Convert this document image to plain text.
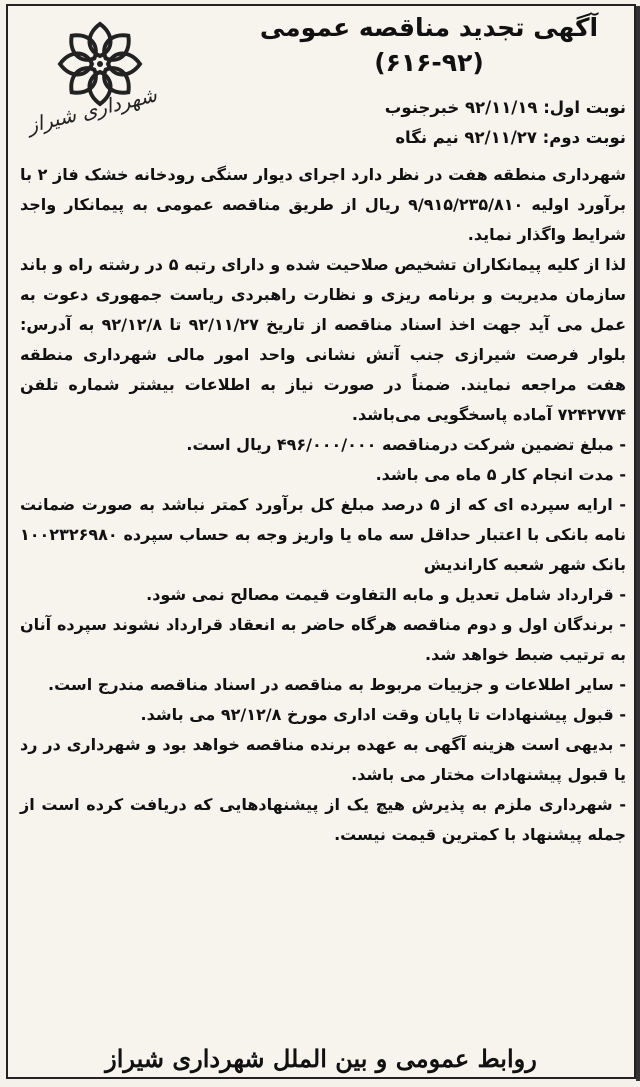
شهرداری شیراز
آگهی تجدید مناقصه عمومی
(۶۱۶-۹۲)
نوبت اول: ۹۲/۱۱/۱۹ خبرجنوب
نوبت دوم: ۹۲/۱۱/۲۷ نیم نگاه

شهرداری منطقه هفت در نظر دارد اجرای دیوار سنگی رودخانه خشک فاز ۲ با برآورد اولیه ۹/۹۱۵/۲۳۵/۸۱۰ ریال از طریق مناقصه عمومی به پیمانکار واجد شرایط واگذار نماید.

لذا از کلیه پیمانکاران تشخیص صلاحیت شده و دارای رتبه ۵ در رشته راه و باند سازمان مدیریت و برنامه ریزی و نظارت راهبردی ریاست جمهوری دعوت به عمل می آید جهت اخذ اسناد مناقصه از تاریخ ۹۲/۱۱/۲۷ تا ۹۲/۱۲/۸ به آدرس: بلوار فرصت شیرازی جنب آتش نشانی واحد امور مالی شهرداری منطقه هفت مراجعه نمایند. ضمناً در صورت نیاز به اطلاعات بیشتر شماره تلفن ۷۲۴۲۷۷۴ آماده پاسخگویی می‌باشد.

- مبلغ تضمین شرکت درمناقصه ۴۹۶/۰۰۰/۰۰۰ ریال است.

- مدت انجام کار ۵ ماه می باشد.

- ارایه سپرده ای که از ۵ درصد مبلغ کل برآورد کمتر نباشد به صورت ضمانت نامه بانکی با اعتبار حداقل سه ماه یا واریز وجه به حساب سپرده ۱۰۰۲۳۲۶۹۸۰ بانک شهر شعبه کاراندیش

- قرارداد شامل تعدیل و مابه التفاوت قیمت مصالح نمی شود.

- برندگان اول و دوم مناقصه هرگاه حاضر به انعقاد قرارداد نشوند سپرده آنان به ترتیب ضبط خواهد شد.

- سایر اطلاعات و جزییات مربوط به مناقصه در اسناد مناقصه مندرج است.

- قبول پیشنهادات تا پایان وقت اداری مورخ ۹۲/۱۲/۸ می باشد.

- بدیهی است هزینه آگهی به عهده برنده مناقصه خواهد بود و شهرداری در رد یا قبول پیشنهادات مختار می باشد.

- شهرداری ملزم به پذیرش هیچ یک از پیشنهادهایی که دریافت کرده است از جمله پیشنهاد با کمترین قیمت نیست.

روابط عمومی و بین الملل شهرداری شیراز
